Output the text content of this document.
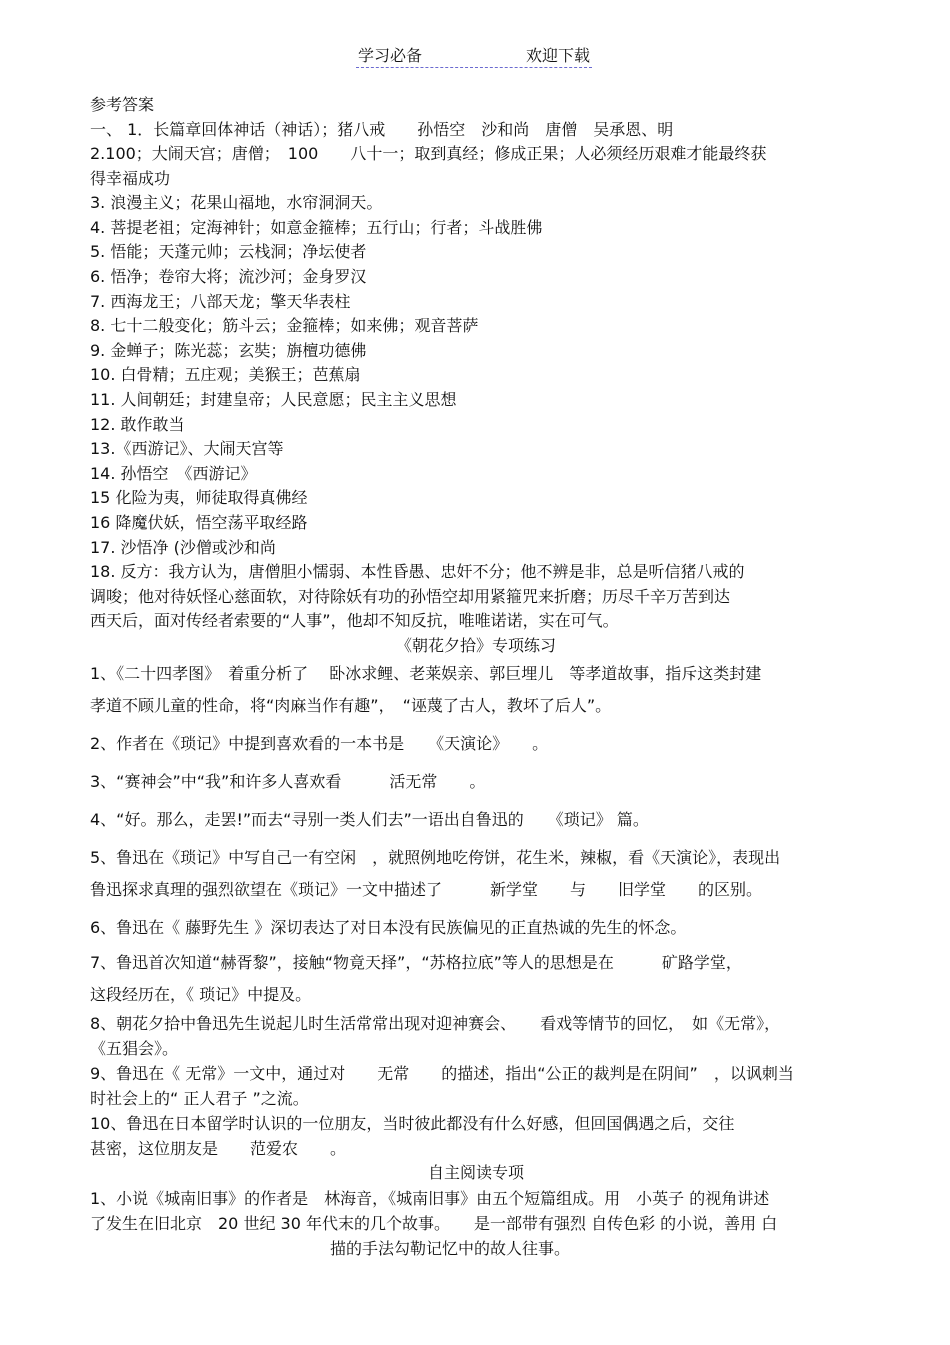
学习必备	欢迎下载
参考答案
一、 1．长篇章回体神话（神话）；猪八戒　　孙悟空　沙和尚　唐僧　吴承恩、明
2.100；大闹天宫；唐僧；　100　　八十一；取到真经；修成正果；人必须经历艰难才能最终获
得幸福成功
3. 浪漫主义；花果山福地，水帘洞洞天。
4. 菩提老祖；定海神针；如意金箍棒；五行山；行者；斗战胜佛
5. 悟能；天蓬元帅；云栈洞；净坛使者
6. 悟净；卷帘大将；流沙河；金身罗汉
7. 西海龙王；八部天龙；擎天华表柱
8. 七十二般变化；筋斗云；金箍棒；如来佛；观音菩萨
9. 金蝉子；陈光蕊；玄奘；旃檀功德佛
10. 白骨精；五庄观；美猴王；芭蕉扇
11. 人间朝廷；封建皇帝；人民意愿；民主主义思想
12. 敢作敢当
13.《西游记》、大闹天宫等
14. 孙悟空　《西游记》
15 化险为夷，师徒取得真佛经
16 降魔伏妖，悟空荡平取经路
17. 沙悟净 (沙僧或沙和尚
18. 反方：我方认为，唐僧胆小懦弱、本性昏愚、忠奸不分；他不辨是非，总是听信猪八戒的
调唆；他对待妖怪心慈面软，对待除妖有功的孙悟空却用紧箍咒来折磨；历尽千辛万苦到达
西天后，面对传经者索要的“人事”，他却不知反抗，唯唯诺诺，实在可气。
《朝花夕拾》专项练习
1、《二十四孝图》　着重分析了　 卧冰求鲤、老莱娱亲、郭巨埋儿　等孝道故事，指斥这类封建
孝道不顾儿童的性命，将“肉麻当作有趣”，　“诬蔑了古人，教坏了后人”。
2、作者在《琐记》中提到喜欢看的一本书是　　《天演论》　　。
3、“赛神会”中“我”和许多人喜欢看　　　活无常　　。
4、“好。那么，走罢!”而去“寻别一类人们去”一语出自鲁迅的　　《琐记》 篇。
5、鲁迅在《琐记》中写自己一有空闲　，就照例地吃侉饼，花生米，辣椒，看《天演论》，表现出
鲁迅探求真理的强烈欲望在《琐记》一文中描述了　　　新学堂　　与　　旧学堂　　的区别。
6、鲁迅在《 藤野先生 》深切表达了对日本没有民族偏见的正直热诚的先生的怀念。
7、鲁迅首次知道“赫胥黎”，接触“物竟天择”，“苏格拉底”等人的思想是在　　　矿路学堂，
这段经历在，《 琐记》中提及。
8、朝花夕拾中鲁迅先生说起儿时生活常常出现对迎神赛会、　　看戏等情节的回忆，　如《无常》，
《五猖会》。
9、鲁迅在《 无常》一文中，通过对　　无常　　的描述，指出“公正的裁判是在阴间”　，以讽刺当
时社会上的“ 正人君子 ”之流。
10、鲁迅在日本留学时认识的一位朋友，当时彼此都没有什么好感，但回国偶遇之后，交往
甚密，这位朋友是　　范爱农　　。
自主阅读专项
1、小说《城南旧事》的作者是　林海音，《城南旧事》由五个短篇组成。用　小英子 的视角讲述
了发生在旧北京　20 世纪 30 年代末的几个故事。　　是一部带有强烈 自传色彩 的小说，善用 白
描的手法勾勒记忆中的故人往事。
